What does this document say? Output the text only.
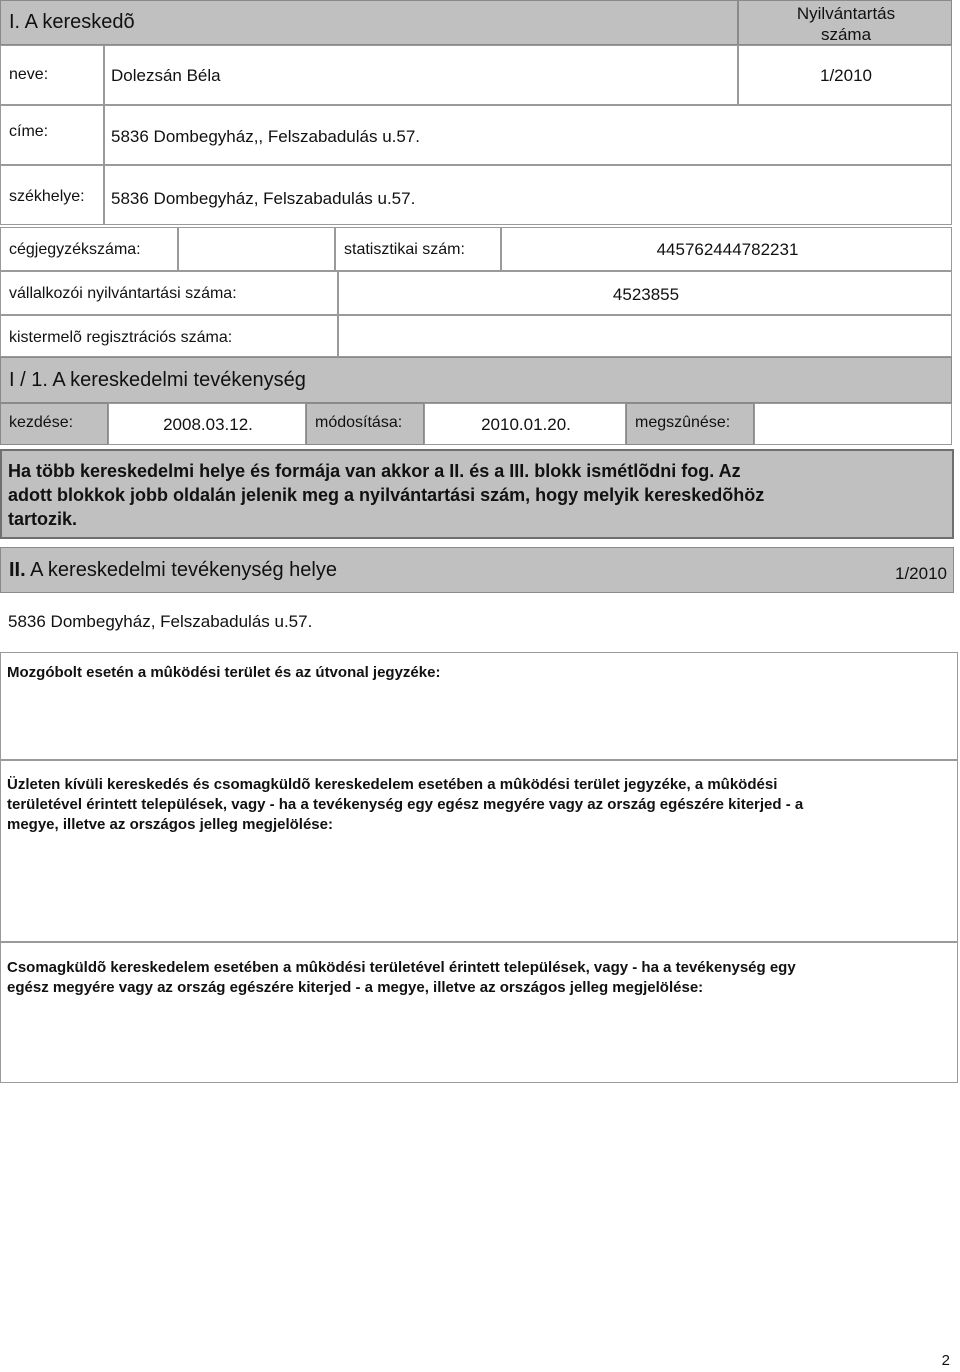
I. A kereskedõ	Nyilvántartás
száma
neve:	Dolezsán Béla	1/2010
címe:	5836 Dombegyház,, Felszabadulás u.57.
székhelye: 5836 Dombegyház, Felszabadulás u.57.
cégjegyzékszáma:	statisztikai szám:	445762444782231
vállalkozói nyilvántartási száma:	4523855
kistermelõ regisztrációs száma:
I / 1. A kereskedelmi tevékenység
kezdése:	2008.03.12.	módosítása:	2010.01.20.	megszûnése:
Ha több kereskedelmi helye és formája van akkor a II. és a III. blokk ismétlõdni fog. Az
adott blokkok jobb oldalán jelenik meg a nyilvántartási szám, hogy melyik kereskedõhöz
tartozik.
II. A kereskedelmi tevékenység helye	1/2010
5836 Dombegyház, Felszabadulás u.57.
Mozgóbolt esetén a mûködési terület és az útvonal jegyzéke:
Üzleten kívüli kereskedés és csomagküldõ kereskedelem esetében a mûködési terület jegyzéke, a mûködési
területével érintett települések, vagy - ha a tevékenység egy egész megyére vagy az ország egészére kiterjed - a
megye, illetve az országos jelleg megjelölése:
Csomagküldõ kereskedelem esetében a mûködési területével érintett települések, vagy - ha a tevékenység egy
egész megyére vagy az ország egészére kiterjed - a megye, illetve az országos jelleg megjelölése:
2
